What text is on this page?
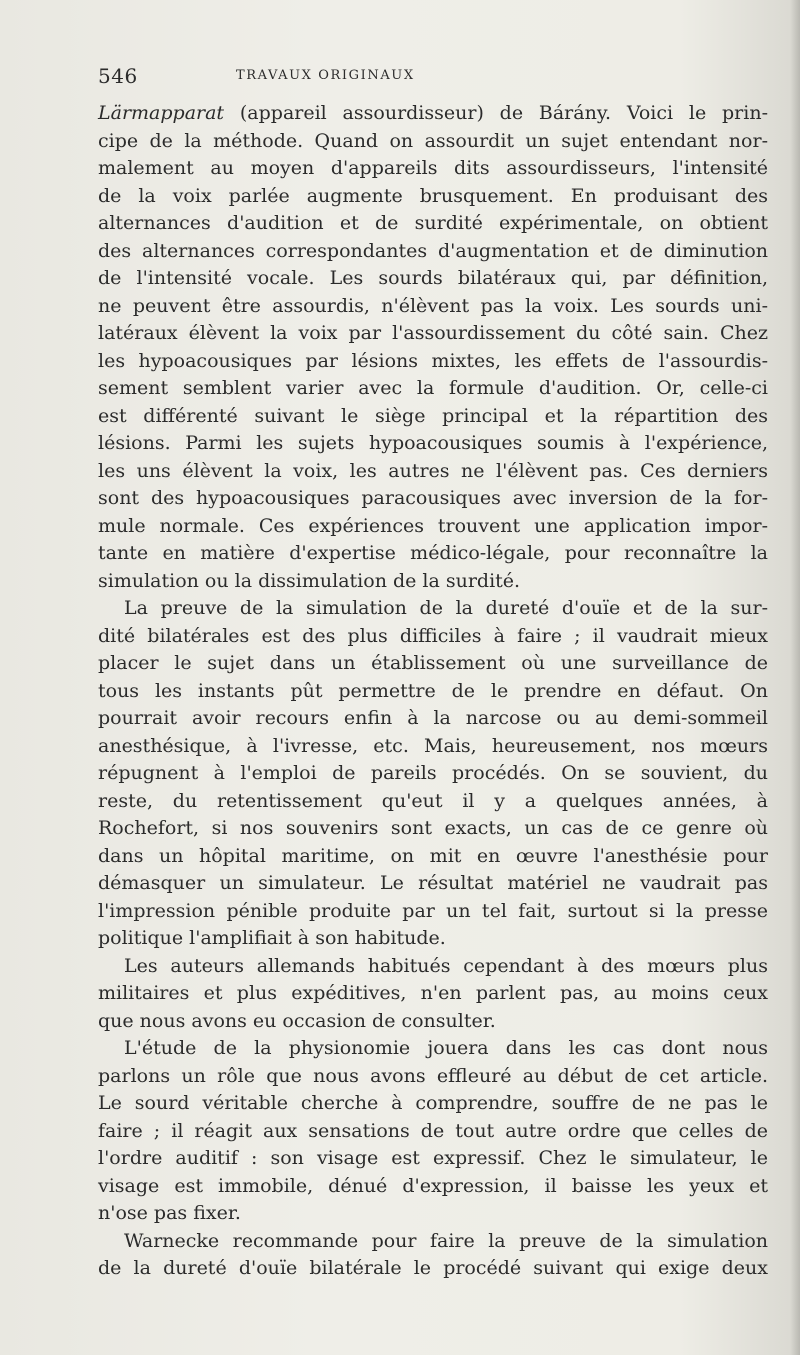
546	TRAVAUX ORIGINAUX
Lärmapparat (appareil assourdisseur) de Bárány. Voici le prin-
cipe de la méthode. Quand on assourdit un sujet entendant nor-
malement au moyen d'appareils dits assourdisseurs, l'intensité
de la voix parlée augmente brusquement. En produisant des
alternances d'audition et de surdité expérimentale, on obtient
des alternances correspondantes d'augmentation et de diminution
de l'intensité vocale. Les sourds bilatéraux qui, par définition,
ne peuvent être assourdis, n'élèvent pas la voix. Les sourds uni-
latéraux élèvent la voix par l'assourdissement du côté sain. Chez
les hypoacousiques par lésions mixtes, les effets de l'assourdis-
sement semblent varier avec la formule d'audition. Or, celle-ci
est différenté suivant le siège principal et la répartition des
lésions. Parmi les sujets hypoacousiques soumis à l'expérience,
les uns élèvent la voix, les autres ne l'élèvent pas. Ces derniers
sont des hypoacousiques paracousiques avec inversion de la for-
mule normale. Ces expériences trouvent une application impor-
tante en matière d'expertise médico-légale, pour reconnaître la
simulation ou la dissimulation de la surdité.
La preuve de la simulation de la dureté d'ouïe et de la sur-
dité bilatérales est des plus difficiles à faire ; il vaudrait mieux
placer le sujet dans un établissement où une surveillance de
tous les instants pût permettre de le prendre en défaut. On
pourrait avoir recours enfin à la narcose ou au demi-sommeil
anesthésique, à l'ivresse, etc. Mais, heureusement, nos mœurs
répugnent à l'emploi de pareils procédés. On se souvient, du
reste, du retentissement qu'eut il y a quelques années, à
Rochefort, si nos souvenirs sont exacts, un cas de ce genre où
dans un hôpital maritime, on mit en œuvre l'anesthésie pour
démasquer un simulateur. Le résultat matériel ne vaudrait pas
l'impression pénible produite par un tel fait, surtout si la presse
politique l'amplifiait à son habitude.
Les auteurs allemands habitués cependant à des mœurs plus
militaires et plus expéditives, n'en parlent pas, au moins ceux
que nous avons eu occasion de consulter.
L'étude de la physionomie jouera dans les cas dont nous
parlons un rôle que nous avons effleuré au début de cet article.
Le sourd véritable cherche à comprendre, souffre de ne pas le
faire ; il réagit aux sensations de tout autre ordre que celles de
l'ordre auditif : son visage est expressif. Chez le simulateur, le
visage est immobile, dénué d'expression, il baisse les yeux et
n'ose pas fixer.
Warnecke recommande pour faire la preuve de la simulation
de la dureté d'ouïe bilatérale le procédé suivant qui exige deux
